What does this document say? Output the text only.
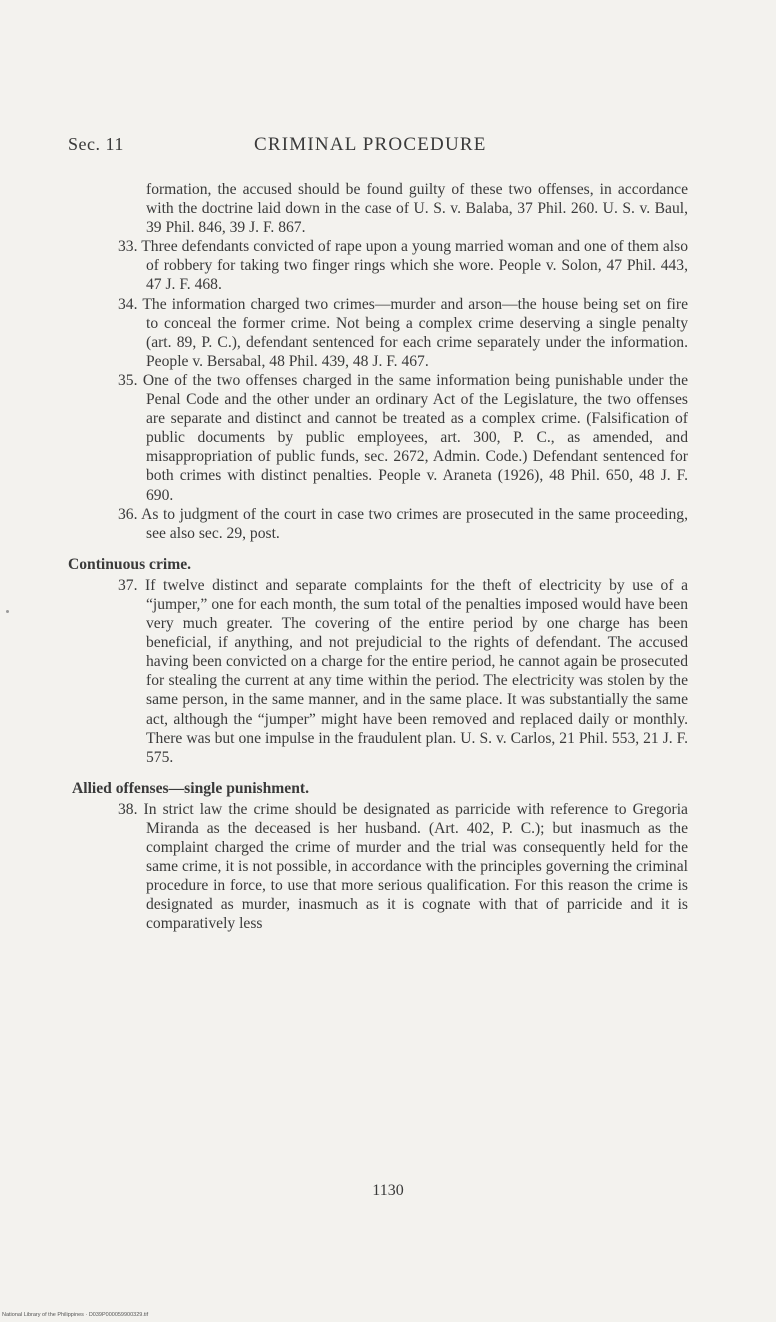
Sec. 11	CRIMINAL PROCEDURE

formation, the accused should be found guilty of these two offenses, in accordance with the doctrine laid down in the case of U. S. v. Balaba, 37 Phil. 260. U. S. v. Baul, 39 Phil. 846, 39 J. F. 867.

33. Three defendants convicted of rape upon a young married woman and one of them also of robbery for taking two finger rings which she wore. People v. Solon, 47 Phil. 443, 47 J. F. 468.

34. The information charged two crimes—murder and arson—the house being set on fire to conceal the former crime. Not being a complex crime deserving a single penalty (art. 89, P. C.), defendant sentenced for each crime separately under the information. People v. Bersabal, 48 Phil. 439, 48 J. F. 467.

35. One of the two offenses charged in the same information being punishable under the Penal Code and the other under an ordinary Act of the Legislature, the two offenses are separate and distinct and cannot be treated as a complex crime. (Falsification of public documents by public employees, art. 300, P. C., as amended, and misappropriation of public funds, sec. 2672, Admin. Code.) Defendant sentenced for both crimes with distinct penalties. People v. Araneta (1926), 48 Phil. 650, 48 J. F. 690.

36. As to judgment of the court in case two crimes are prosecuted in the same proceeding, see also sec. 29, post.

Continuous crime.

37. If twelve distinct and separate complaints for the theft of electricity by use of a “jumper,” one for each month, the sum total of the penalties imposed would have been very much greater. The covering of the entire period by one charge has been beneficial, if anything, and not prejudicial to the rights of defendant. The accused having been convicted on a charge for the entire period, he cannot again be prosecuted for stealing the current at any time within the period. The electricity was stolen by the same person, in the same manner, and in the same place. It was substantially the same act, although the “jumper” might have been removed and replaced daily or monthly. There was but one impulse in the fraudulent plan. U. S. v. Carlos, 21 Phil. 553, 21 J. F. 575.

Allied offenses—single punishment.

38. In strict law the crime should be designated as parricide with reference to Gregoria Miranda as the deceased is her husband. (Art. 402, P. C.); but inasmuch as the complaint charged the crime of murder and the trial was consequently held for the same crime, it is not possible, in accordance with the principles governing the criminal procedure in force, to use that more serious qualification. For this reason the crime is designated as murder, inasmuch as it is cognate with that of parricide and it is comparatively less

1130
National Library of the Philippines · D039P000059900329.tif
